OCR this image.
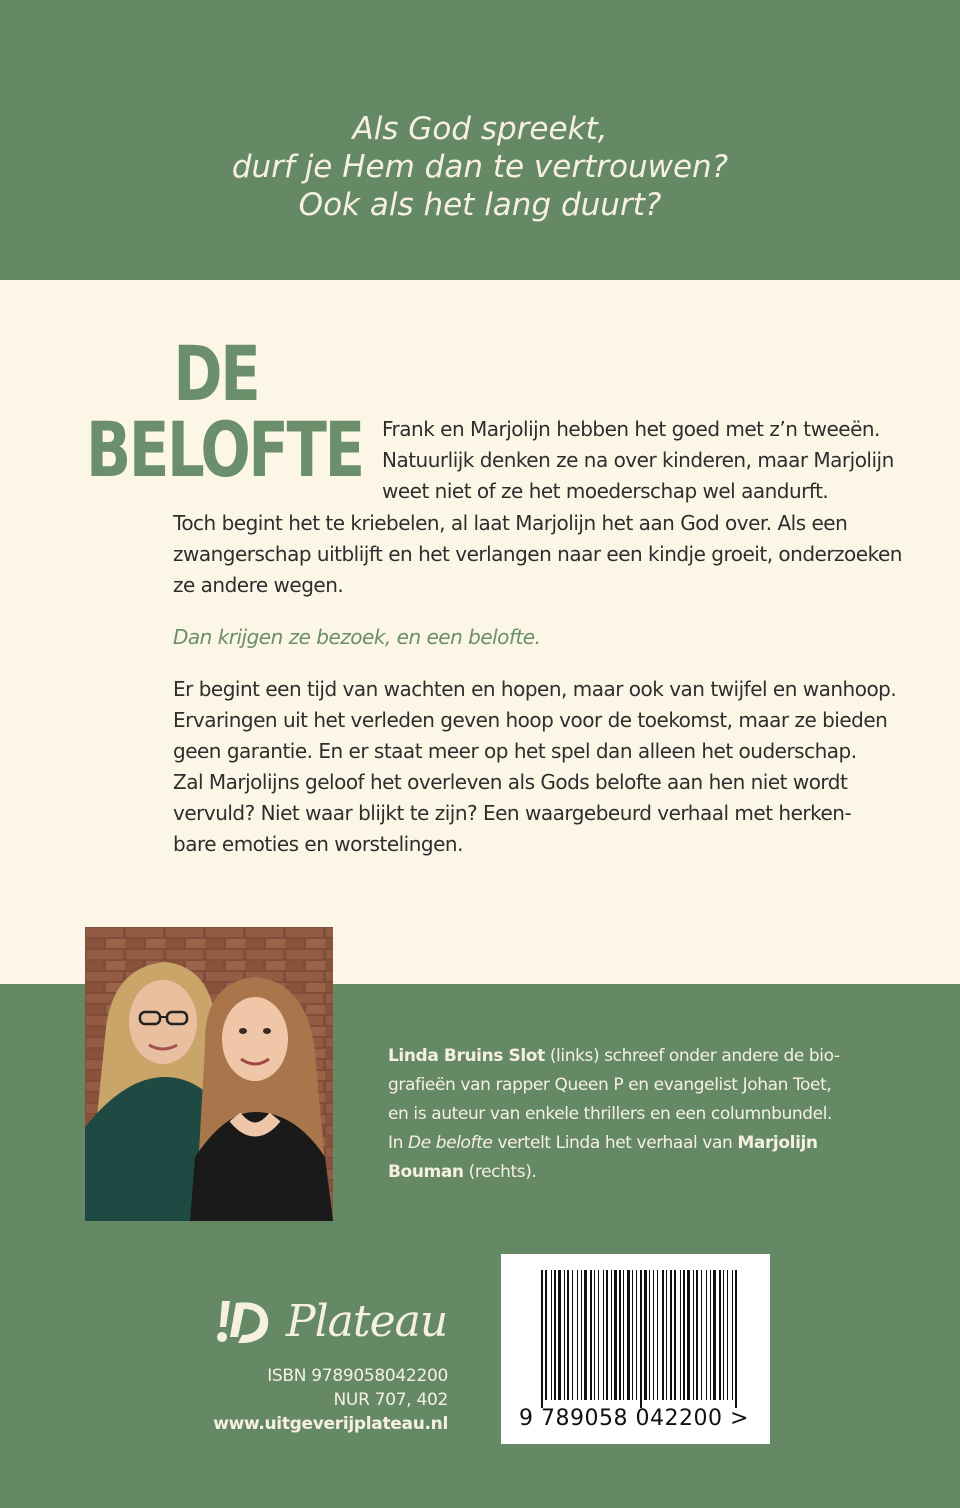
Als God spreekt,
durf je Hem dan te vertrouwen?
Ook als het lang duurt?
DE
BELOFTE Frank en Marjolijn hebben het goed met z’n tweeën.
Natuurlijk denken ze na over kinderen, maar Marjolijn
weet niet of ze het moederschap wel aandurft.
Toch begint het te kriebelen, al laat Marjolijn het aan God over. Als een
zwangerschap uitblijft en het verlangen naar een kindje groeit, onderzoeken
ze andere wegen.
Dan krijgen ze bezoek, en een belofte.
Er begint een tijd van wachten en hopen, maar ook van twijfel en wanhoop.
Ervaringen uit het verleden geven hoop voor de toekomst, maar ze bieden
geen garantie. En er staat meer op het spel dan alleen het ouderschap.
Zal Marjolijns geloof het overleven als Gods belofte aan hen niet wordt
vervuld? Niet waar blijkt te zijn? Een waargebeurd verhaal met herken-
bare emoties en worstelingen.
Linda Bruins Slot (links) schreef onder andere de bio-
grafieën van rapper Queen P en evangelist Johan Toet,
en is auteur van enkele thrillers en een columnbundel.
In De belofte vertelt Linda het verhaal van Marjolijn
Bouman (rechts).
Plateau
ISBN 9789058042200
NUR 707, 402
www.uitgeverijplateau.nl	9 789058 042200 >
